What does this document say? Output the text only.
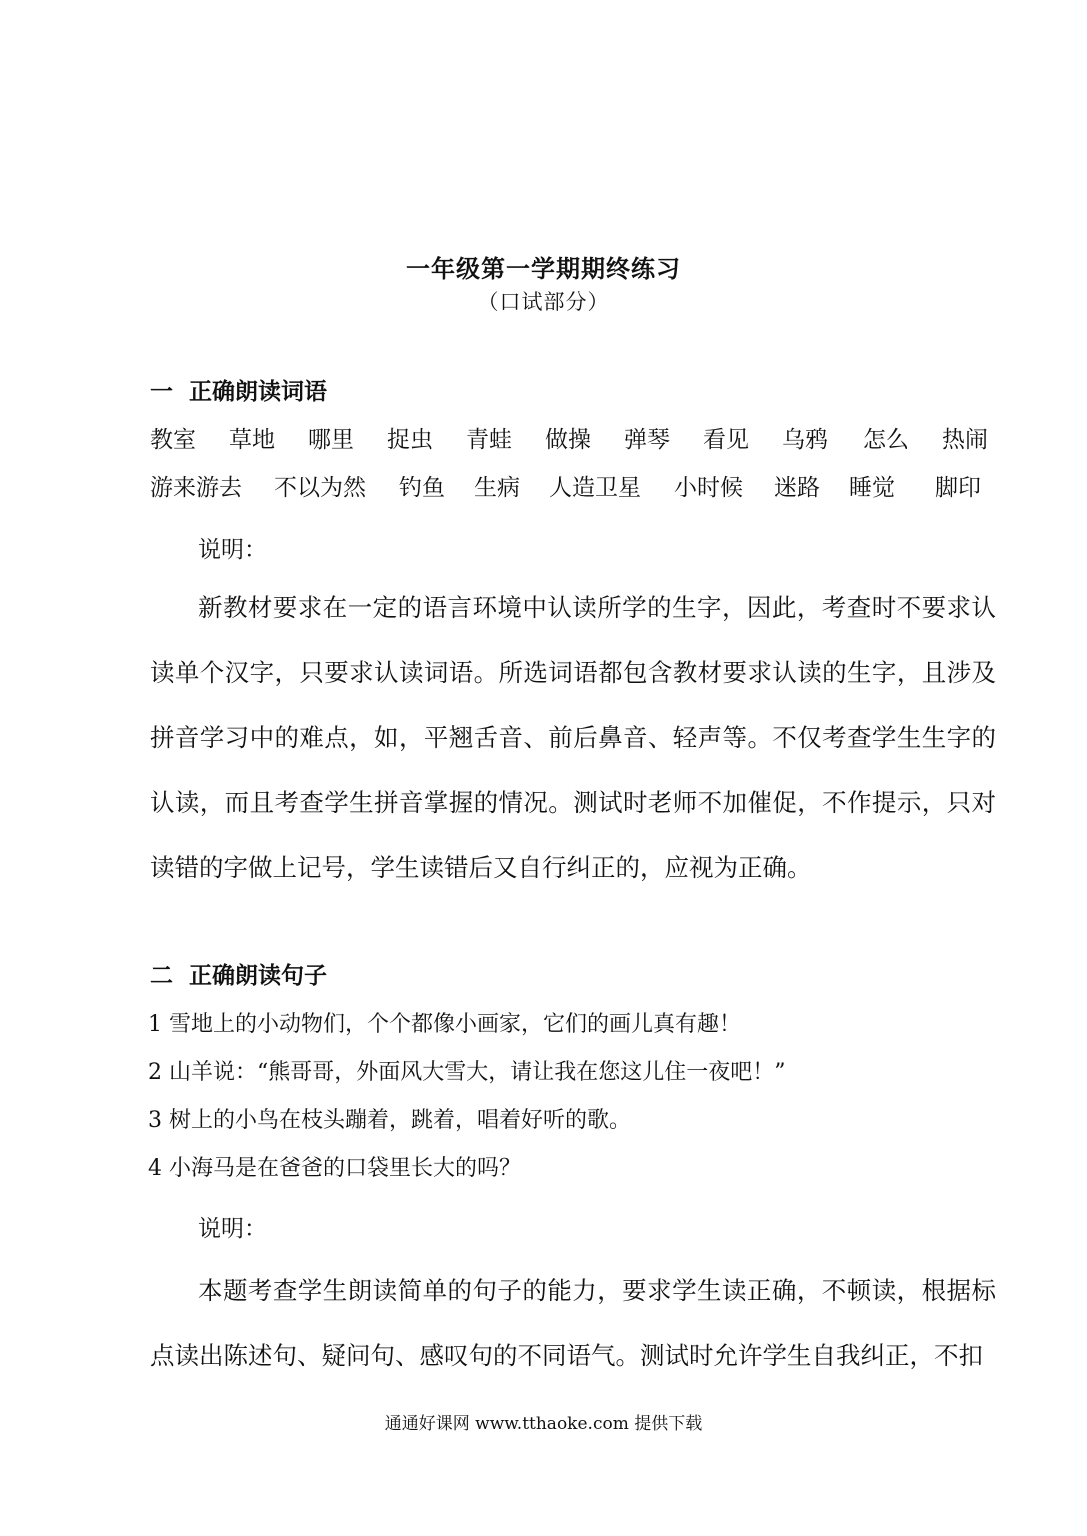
一年级第一学期期终练习
（口试部分）
一 正确朗读词语
教室 草地 哪里 捉虫 青蛙 做操 弹琴 看见 乌鸦 怎么 热闹
游来游去 不以为然 钓鱼 生病 人造卫星 小时候 迷路 睡觉 脚印
说明：
新教材要求在一定的语言环境中认读所学的生字，因此，考查时不要求认读单个汉字，只要求认读词语。所选词语都包含教材要求认读的生字，且涉及拼音学习中的难点，如，平翘舌音、前后鼻音、轻声等。不仅考查学生生字的认读，而且考查学生拼音掌握的情况。测试时老师不加催促，不作提示，只对读错的字做上记号，学生读错后又自行纠正的，应视为正确。
二 正确朗读句子
1 雪地上的小动物们，个个都像小画家，它们的画儿真有趣！
2 山羊说：“熊哥哥，外面风大雪大，请让我在您这儿住一夜吧！”
3 树上的小鸟在枝头蹦着，跳着，唱着好听的歌。
4 小海马是在爸爸的口袋里长大的吗？
说明：
本题考查学生朗读简单的句子的能力，要求学生读正确，不顿读，根据标点读出陈述句、疑问句、感叹句的不同语气。测试时允许学生自我纠正，不扣
通通好课网 www.tthaoke.com 提供下载
